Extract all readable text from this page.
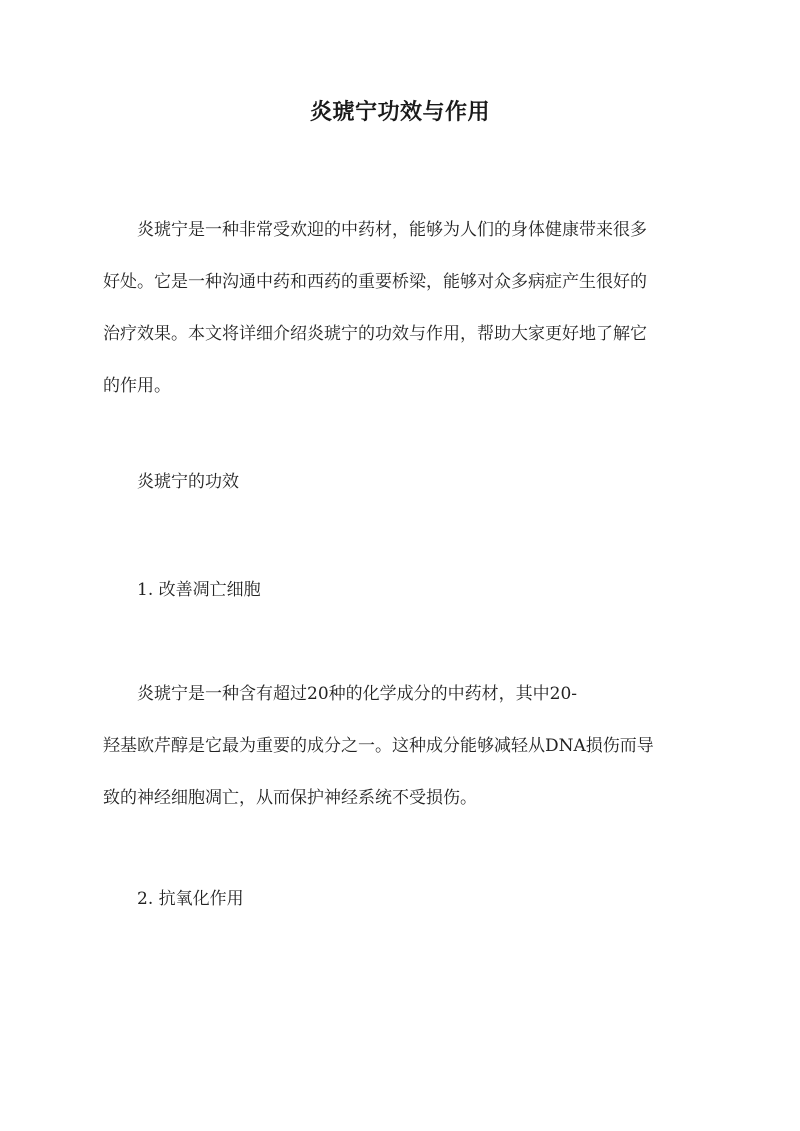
炎琥宁功效与作用
炎琥宁是一种非常受欢迎的中药材，能够为人们的身体健康带来很多
好处。它是一种沟通中药和西药的重要桥梁，能够对众多病症产生很好的
治疗效果。本文将详细介绍炎琥宁的功效与作用，帮助大家更好地了解它
的作用。
炎琥宁的功效
1. 改善凋亡细胞
炎琥宁是一种含有超过20种的化学成分的中药材，其中20-
羟基欧芹醇是它最为重要的成分之一。这种成分能够减轻从DNA损伤而导
致的神经细胞凋亡，从而保护神经系统不受损伤。
2. 抗氧化作用
